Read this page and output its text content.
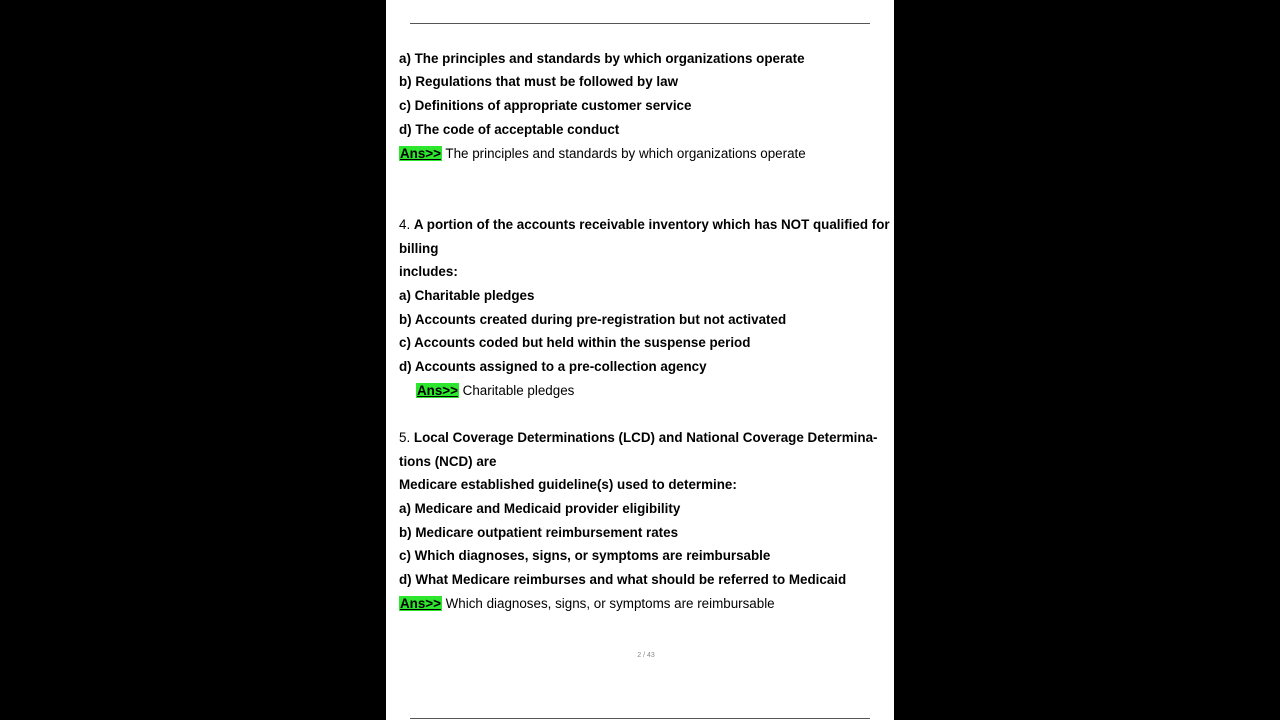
a) The principles and standards by which organizations operate
b) Regulations that must be followed by law
c) Definitions of appropriate customer service
d) The code of acceptable conduct
Ans>> The principles and standards by which organizations operate
4. A portion of the accounts receivable inventory which has NOT qualified for
billing
includes:
a) Charitable pledges
b) Accounts created during pre-registration but not activated
c) Accounts coded but held within the suspense period
d) Accounts assigned to a pre-collection agency
Ans>> Charitable pledges
5. Local Coverage Determinations (LCD) and National Coverage Determina-
tions (NCD) are
Medicare established guideline(s) used to determine:
a) Medicare and Medicaid provider eligibility
b) Medicare outpatient reimbursement rates
c) Which diagnoses, signs, or symptoms are reimbursable
d) What Medicare reimburses and what should be referred to Medicaid
Ans>> Which diagnoses, signs, or symptoms are reimbursable
2 / 43
